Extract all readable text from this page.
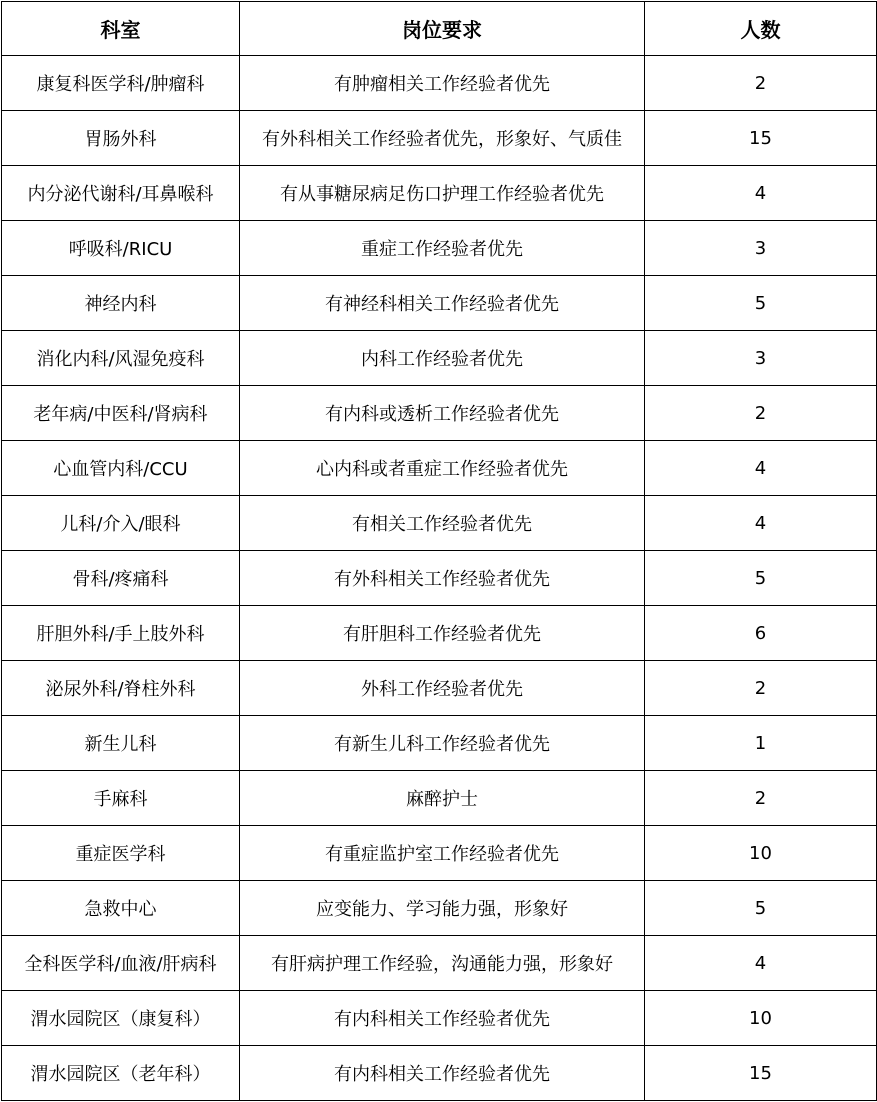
科室	岗位要求	人数
康复科医学科/肿瘤科	有肿瘤相关工作经验者优先	2
胃肠外科	有外科相关工作经验者优先，形象好、气质佳	15
内分泌代谢科/耳鼻喉科	有从事糖尿病足伤口护理工作经验者优先	4
呼吸科/RICU	重症工作经验者优先	3
神经内科	有神经科相关工作经验者优先	5
消化内科/风湿免疫科	内科工作经验者优先	3
老年病/中医科/肾病科	有内科或透析工作经验者优先	2
心血管内科/CCU	心内科或者重症工作经验者优先	4
儿科/介入/眼科	有相关工作经验者优先	4
骨科/疼痛科	有外科相关工作经验者优先	5
肝胆外科/手上肢外科	有肝胆科工作经验者优先	6
泌尿外科/脊柱外科	外科工作经验者优先	2
新生儿科	有新生儿科工作经验者优先	1
手麻科	麻醉护士	2
重症医学科	有重症监护室工作经验者优先	10
急救中心	应变能力、学习能力强，形象好	5
全科医学科/血液/肝病科	有肝病护理工作经验，沟通能力强，形象好	4
渭水园院区（康复科）	有内科相关工作经验者优先	10
渭水园院区（老年科）	有内科相关工作经验者优先	15
